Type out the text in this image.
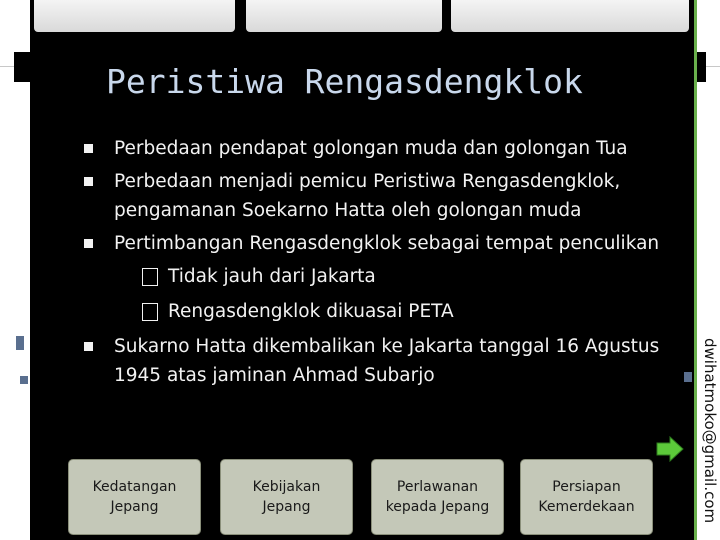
Peristiwa Rengasdengklok
Perbedaan pendapat golongan muda dan golongan Tua
Perbedaan menjadi pemicu Peristiwa Rengasdengklok, pengamanan Soekarno Hatta oleh golongan muda
Pertimbangan Rengasdengklok sebagai tempat penculikan
Tidak jauh dari Jakarta
Rengasdengklok dikuasai PETA
Sukarno Hatta dikembalikan ke Jakarta tanggal 16 Agustus 1945 atas jaminan Ahmad Subarjo	dwihatmoko@gmail.com
Kedatangan
Jepang
Kebijakan
Jepang
Perlawanan
kepada Jepang
Persiapan
Kemerdekaan
